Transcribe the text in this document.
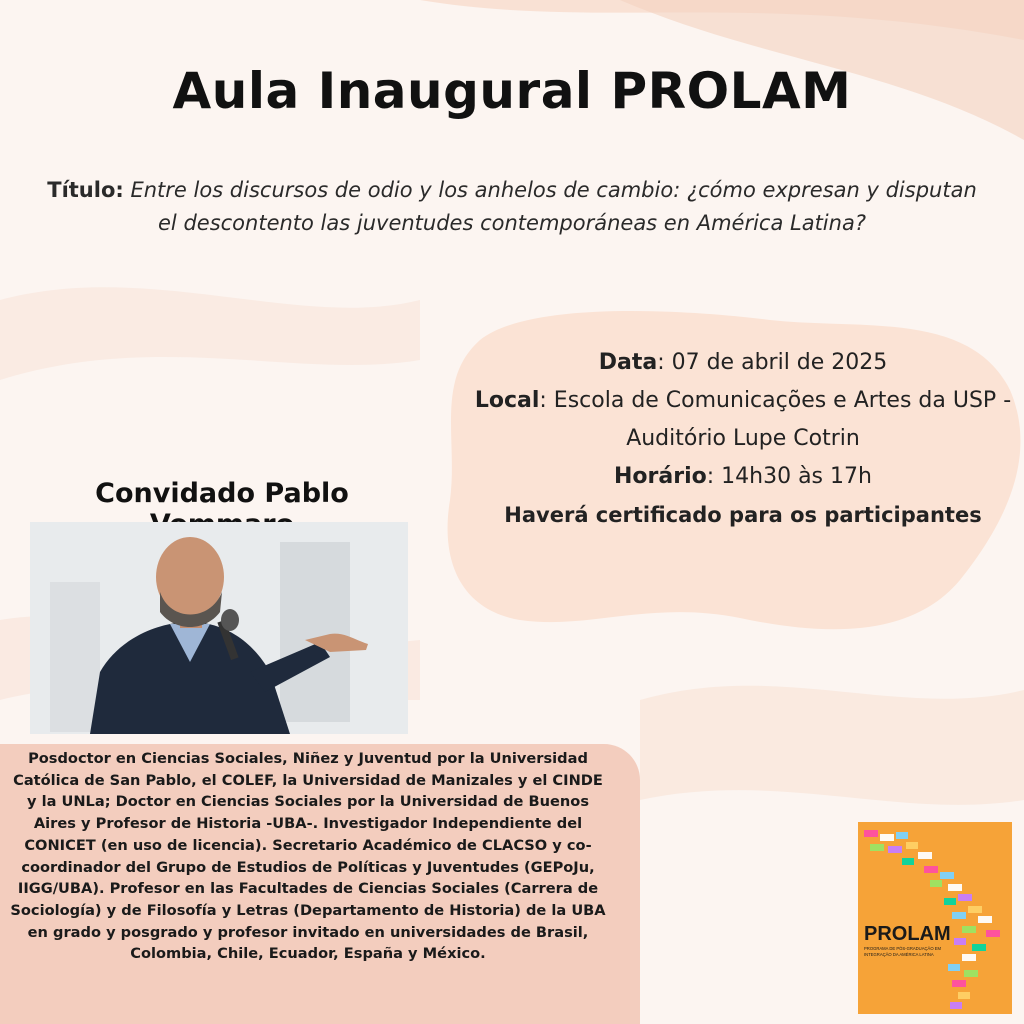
Aula Inaugural PROLAM
Título: Entre los discursos de odio y los anhelos de cambio: ¿cómo expresan y disputan el descontento las juventudes contemporáneas en América Latina?
Data: 07 de abril de 2025
Local: Escola de Comunicações e Artes da USP - Auditório Lupe Cotrin
Horário: 14h30 às 17h
Haverá certificado para os participantes
Convidado Pablo
Posdoctor en Ciencias Sociales, Niñez y Juventud por la Universidad Católica de San Pablo, el COLEF, la Universidad de Manizales y el CINDE y la UNLa; Doctor en Ciencias Sociales por la Universidad de Buenos Aires y Profesor de Historia -UBA-. Investigador Independiente del CONICET (en uso de licencia). Secretario Académico de CLACSO y co-coordinador del Grupo de Estudios de Políticas y Juventudes (GEPoJu, IIGG/UBA). Profesor en las Facultades de Ciencias Sociales (Carrera de Sociología) y de Filosofía y Letras (Departamento de Historia) de la UBA en grado y posgrado y profesor invitado en universidades de Brasil, Colombia, Chile, Ecuador, España y México.
PROLAM
PROGRAMA DE PÓS-GRADUAÇÃO EM
INTEGRAÇÃO DA AMÉRICA LATINA
